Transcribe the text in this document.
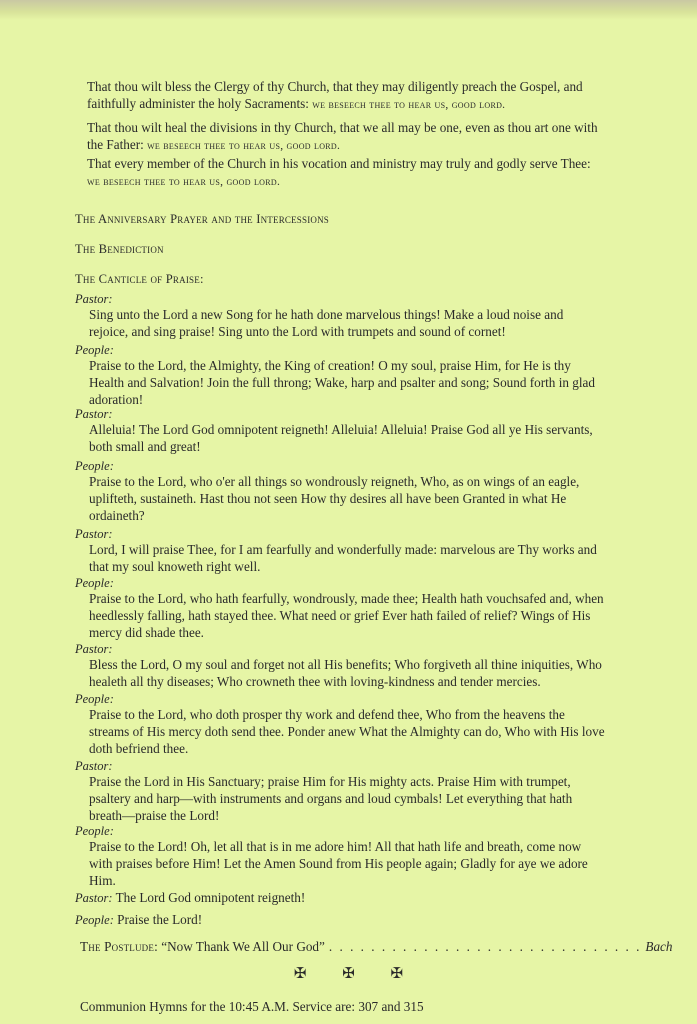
That thou wilt bless the Clergy of thy Church, that they may diligently preach the Gospel, and faithfully administer the holy Sacraments: we beseech thee to hear us, good lord.

That thou wilt heal the divisions in thy Church, that we all may be one, even as thou art one with the Father: we beseech thee to hear us, good lord.

That every member of the Church in his vocation and ministry may truly and godly serve Thee: we beseech thee to hear us, good lord.

The Anniversary Prayer and the Intercessions

The Benediction

The Canticle of Praise:

Pastor:

Sing unto the Lord a new Song for he hath done marvelous things! Make a loud noise and rejoice, and sing praise! Sing unto the Lord with trumpets and sound of cornet!

People:

Praise to the Lord, the Almighty, the King of creation! O my soul, praise Him, for He is thy Health and Salvation! Join the full throng; Wake, harp and psalter and song; Sound forth in glad adoration!

Pastor:

Alleluia! The Lord God omnipotent reigneth! Alleluia! Alleluia! Praise God all ye His servants, both small and great!

People:

Praise to the Lord, who o'er all things so wondrously reigneth, Who, as on wings of an eagle, uplifteth, sustaineth. Hast thou not seen How thy desires all have been Granted in what He ordaineth?

Pastor:

Lord, I will praise Thee, for I am fearfully and wonderfully made: marvelous are Thy works and that my soul knoweth right well.

People:

Praise to the Lord, who hath fearfully, wondrously, made thee; Health hath vouchsafed and, when heedlessly falling, hath stayed thee. What need or grief Ever hath failed of relief? Wings of His mercy did shade thee.

Pastor:

Bless the Lord, O my soul and forget not all His benefits; Who forgiveth all thine iniquities, Who healeth all thy diseases; Who crowneth thee with loving-kindness and tender mercies.

People:

Praise to the Lord, who doth prosper thy work and defend thee, Who from the heavens the streams of His mercy doth send thee. Ponder anew What the Almighty can do, Who with His love doth befriend thee.

Pastor:

Praise the Lord in His Sanctuary; praise Him for His mighty acts. Praise Him with trumpet, psaltery and harp—with instruments and organs and loud cymbals! Let everything that hath breath—praise the Lord!

People:

Praise to the Lord! Oh, let all that is in me adore him! All that hath life and breath, come now with praises before Him! Let the Amen Sound from His people again; Gladly for aye we adore Him.

Pastor: The Lord God omnipotent reigneth!

People: Praise the Lord!

The Postlude:
“Now Thank We All Our God” . . . . . . . . . . . . . . . . . . . . . . . . . . . . . . Bach

✠ ✠ ✠

Communion Hymns for the 10:45 A.M. Service are: 307 and 315
